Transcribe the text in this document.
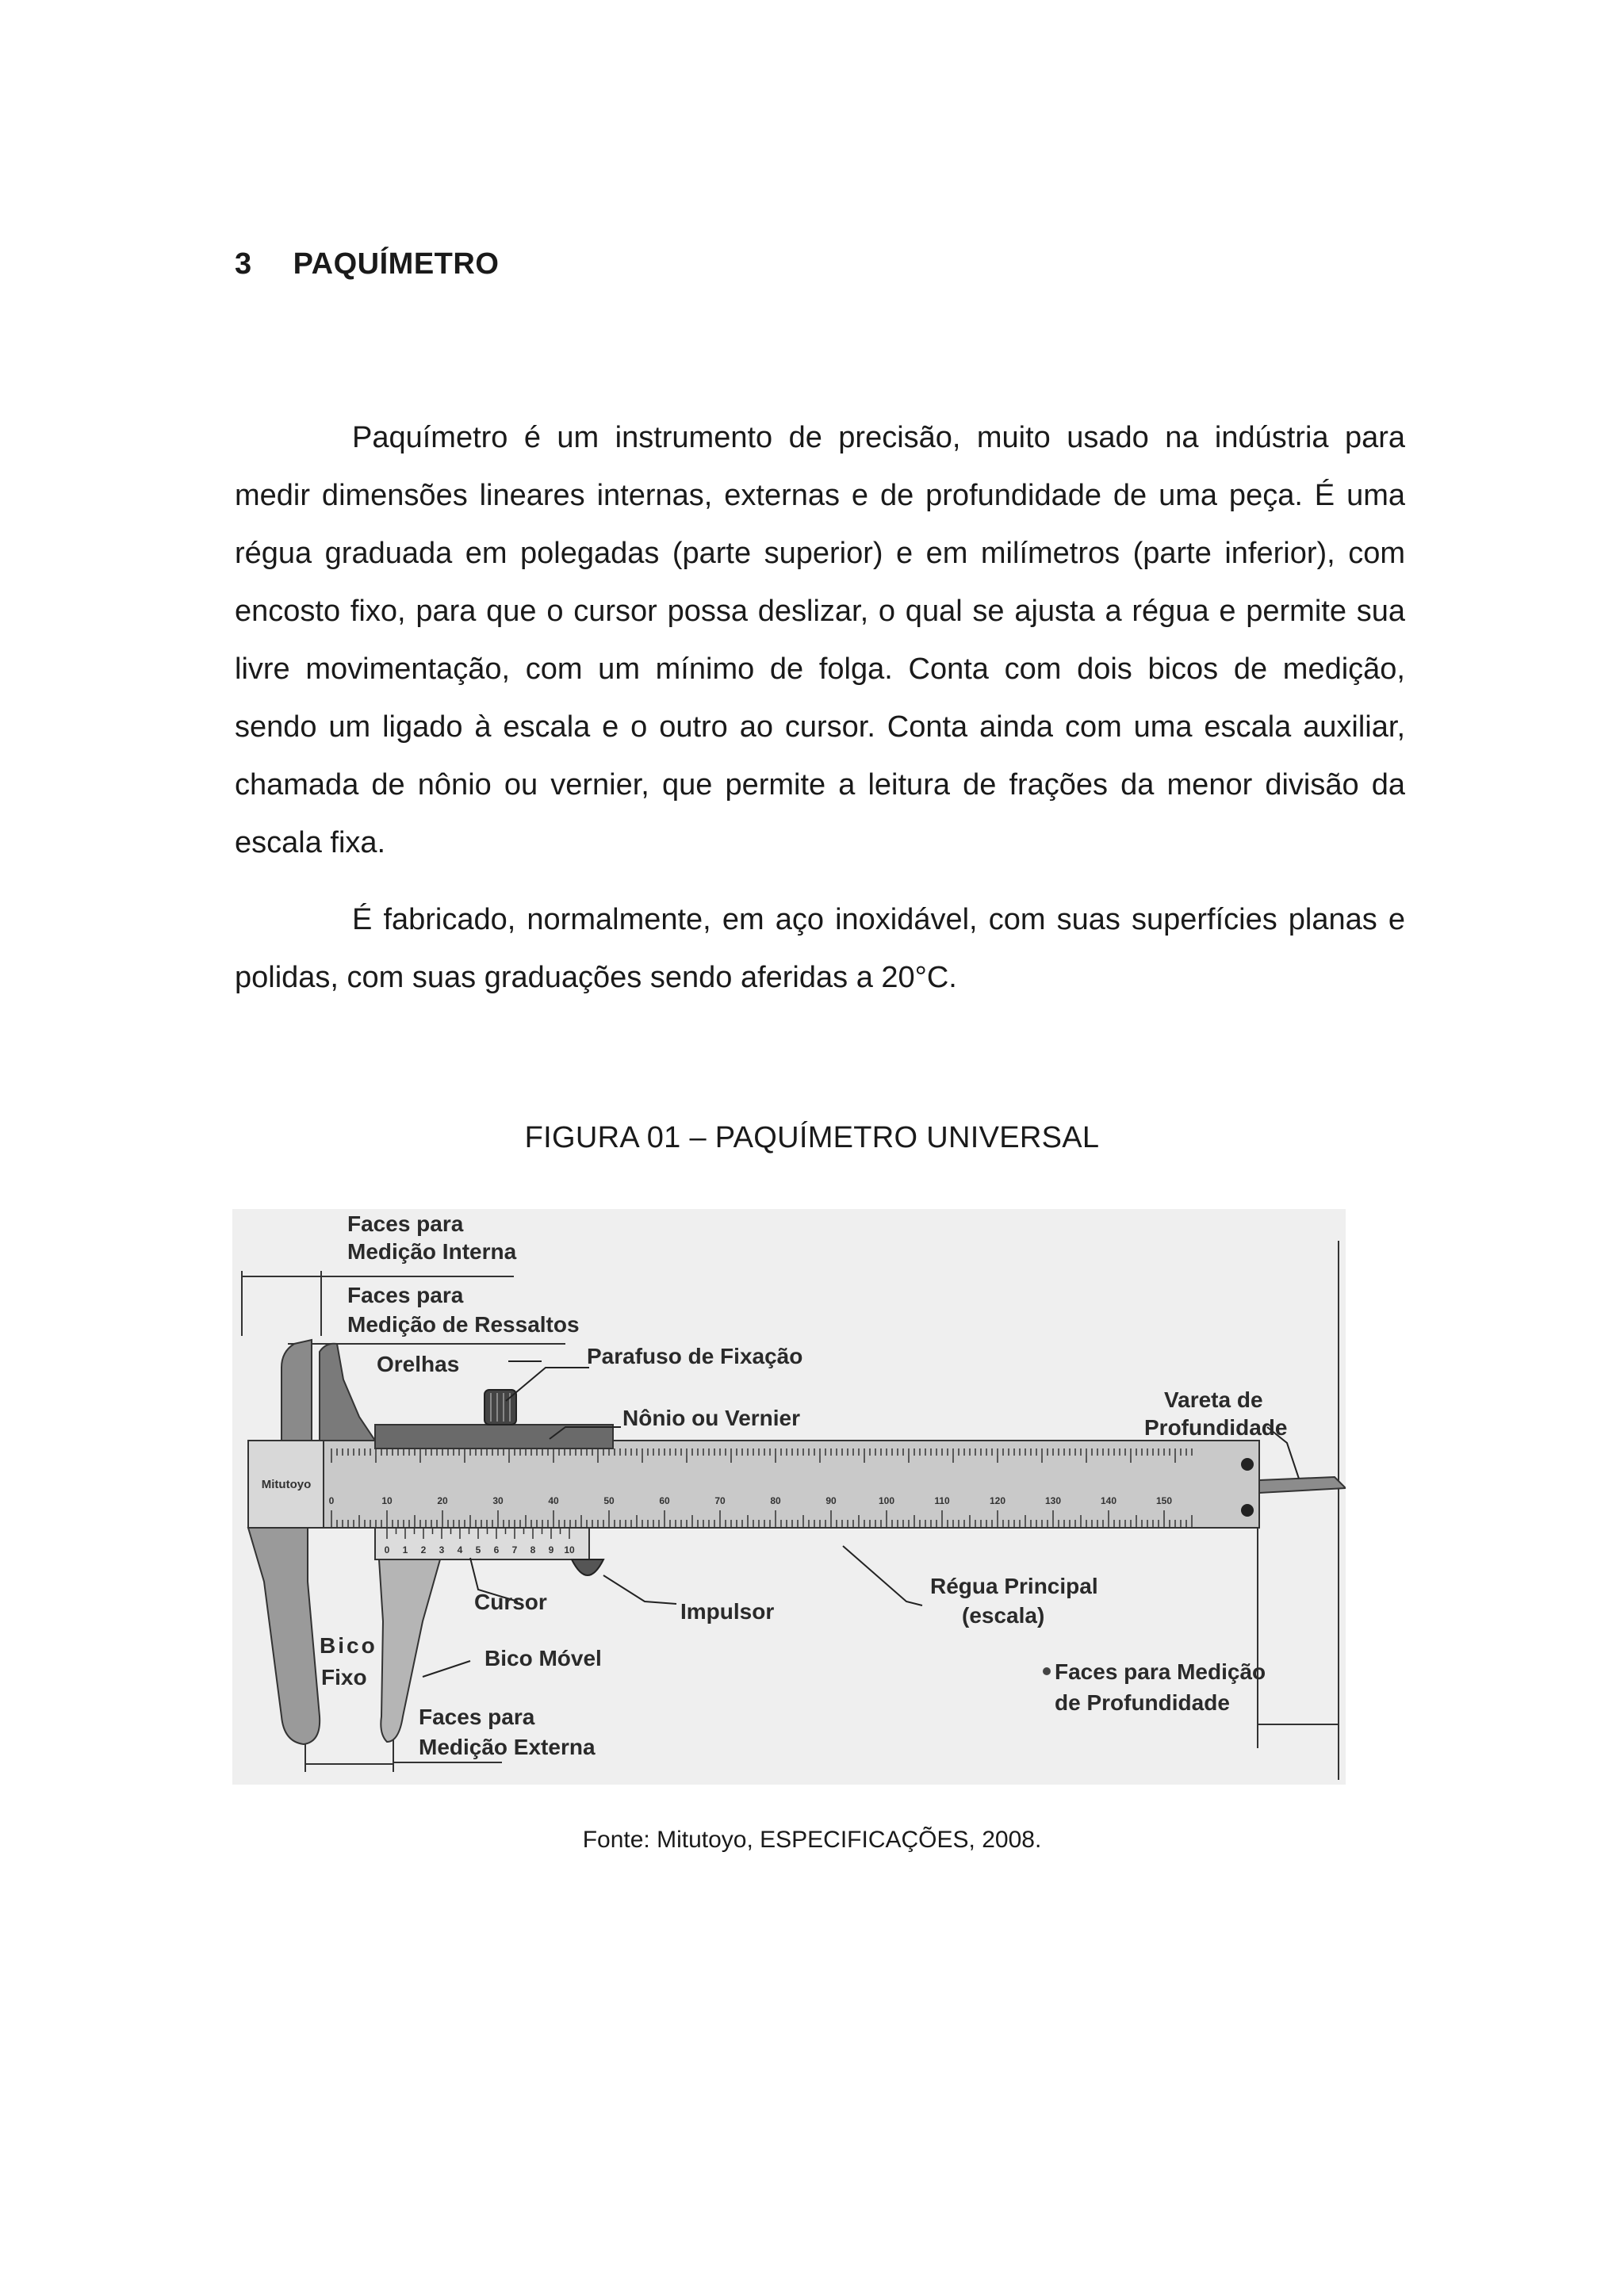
3 PAQUÍMETRO
Paquímetro é um instrumento de precisão, muito usado na indústria para medir dimensões lineares internas, externas e de profundidade de uma peça. É uma régua graduada em polegadas (parte superior) e em milímetros (parte inferior), com encosto fixo, para que o cursor possa deslizar, o qual se ajusta a régua e permite sua livre movimentação, com um mínimo de folga. Conta com dois bicos de medição, sendo um ligado à escala e o outro ao cursor. Conta ainda com uma escala auxiliar, chamada de nônio ou vernier, que permite a leitura de frações da menor divisão da escala fixa.
É fabricado, normalmente, em aço inoxidável, com suas superfícies planas e polidas, com suas graduações sendo aferidas a 20°C.
FIGURA 01 – PAQUÍMETRO UNIVERSAL
Mitutoyo
0	10	20	30	40	50	60	70	80	90	100	110	120	130	140	150
0 1 2 3 4 5 6 7 8 9 10
Faces para
Medição Interna
Faces para
Medição de Ressaltos
Orelhas	Parafuso de Fixação
Nônio ou Vernier
Vareta de
Profundidade
Cursor	Impulsor
Régua Principal
(escala)
Bico
Fixo
Bico Móvel
Faces para Medição
de Profundidade
Faces para
Medição Externa
Fonte: Mitutoyo, ESPECIFICAÇÕES, 2008.
